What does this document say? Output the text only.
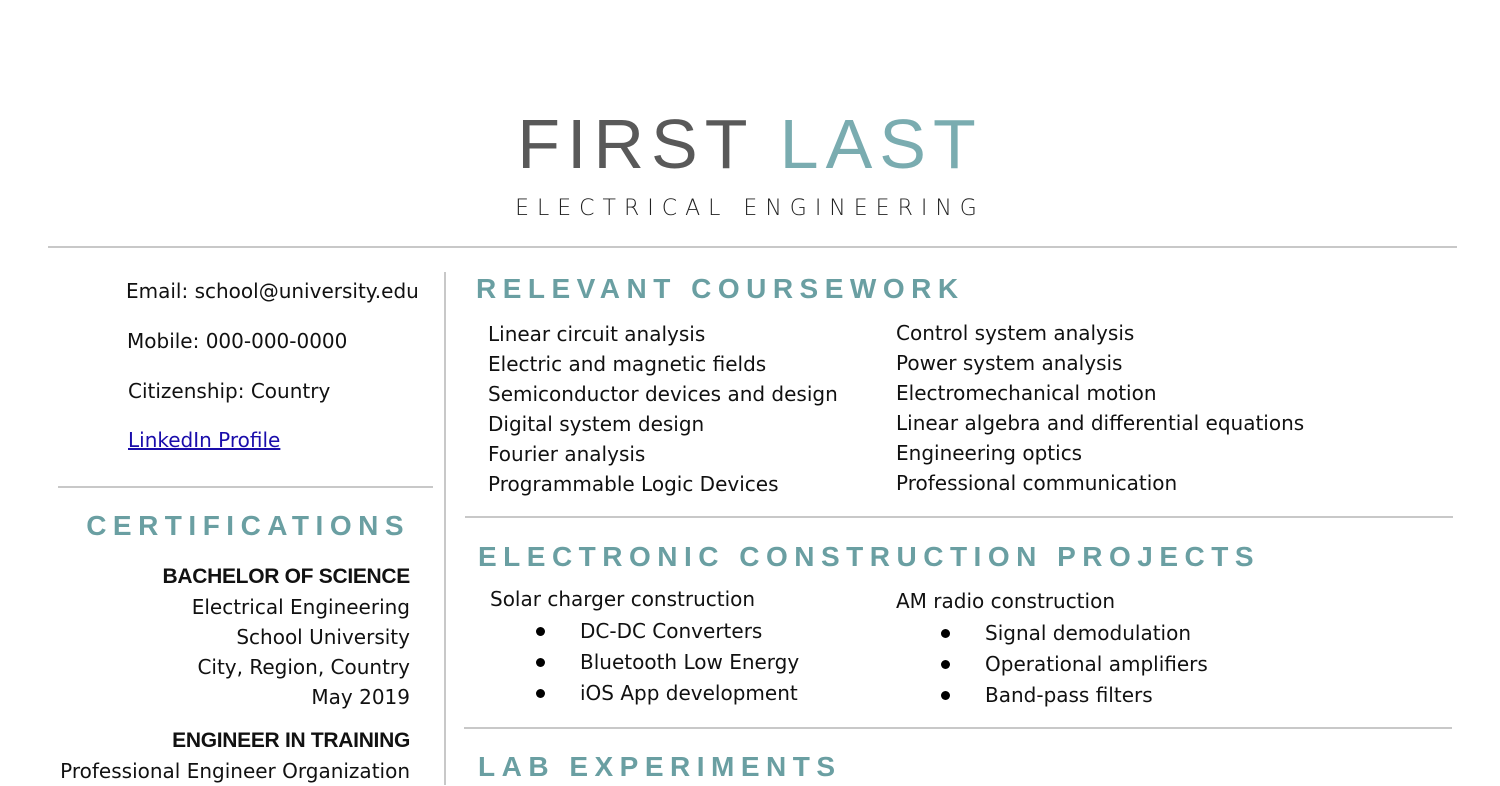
FIRST LAST
ELECTRICAL ENGINEERING
Email: school@university.edu
Mobile: 000-000-0000
Citizenship: Country
LinkedIn Profile
CERTIFICATIONS
BACHELOR OF SCIENCE
Electrical Engineering
School University
City, Region, Country
May 2019
ENGINEER IN TRAINING
Professional Engineer Organization
RELEVANT COURSEWORK
Linear circuit analysis
Electric and magnetic fields
Semiconductor devices and design
Digital system design
Fourier analysis
Programmable Logic Devices
Control system analysis
Power system analysis
Electromechanical motion
Linear algebra and differential equations
Engineering optics
Professional communication
ELECTRONIC CONSTRUCTION PROJECTS
Solar charger construction
DC-DC Converters
Bluetooth Low Energy
iOS App development
AM radio construction
Signal demodulation
Operational amplifiers
Band-pass filters
LAB EXPERIMENTS
